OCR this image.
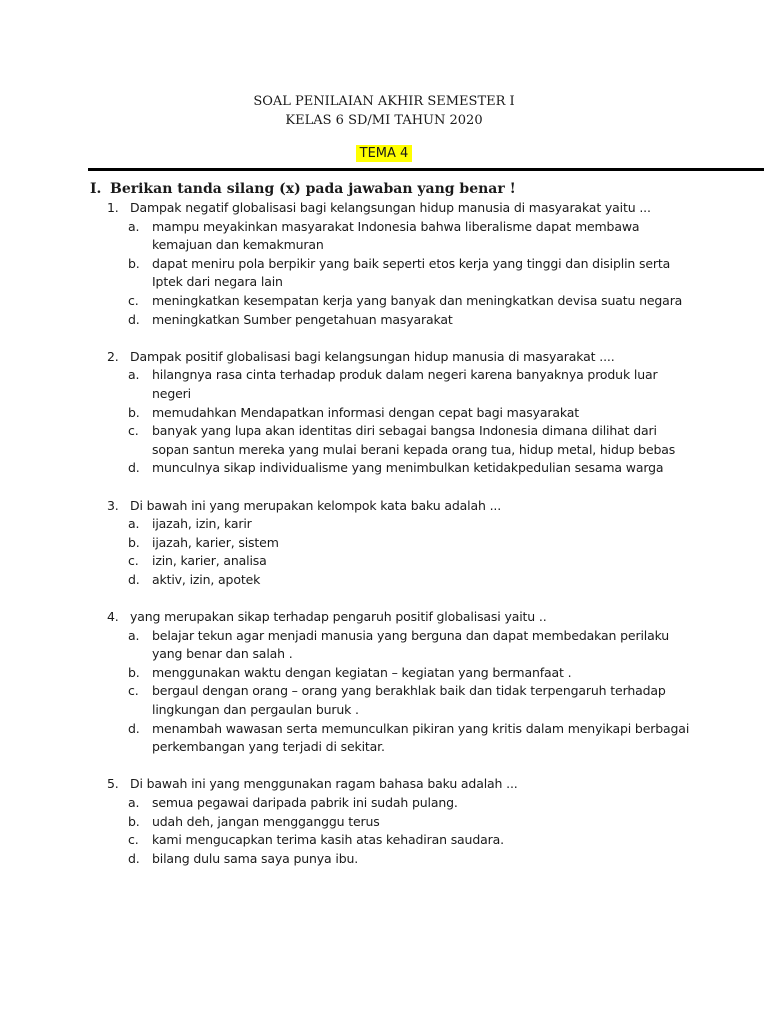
SOAL PENILAIAN AKHIR SEMESTER I
KELAS 6 SD/MI TAHUN 2020
TEMA 4
I. Berikan tanda silang (x) pada jawaban yang benar !
1. Dampak negatif globalisasi bagi kelangsungan hidup manusia di masyarakat yaitu ...
a.	mampu meyakinkan masyarakat Indonesia bahwa liberalisme dapat membawa kemajuan dan kemakmuran
b. dapat meniru pola berpikir yang baik seperti etos kerja yang tinggi dan disiplin serta Iptek dari negara lain
c.	meningkatkan kesempatan kerja yang banyak dan meningkatkan devisa suatu negara
d. meningkatkan Sumber pengetahuan masyarakat
2. Dampak positif globalisasi bagi kelangsungan hidup manusia di masyarakat ....
a.	hilangnya rasa cinta terhadap produk dalam negeri karena banyaknya produk luar negeri
b. memudahkan Mendapatkan informasi dengan cepat bagi masyarakat
c.	banyak yang lupa akan identitas diri sebagai bangsa Indonesia dimana dilihat dari sopan santun mereka yang mulai berani kepada orang tua, hidup metal, hidup bebas
d. munculnya sikap individualisme yang menimbulkan ketidakpedulian sesama warga
3. Di bawah ini yang merupakan kelompok kata baku adalah ...
a.	ijazah, izin, karir
b. ijazah, karier, sistem
c.	izin, karier, analisa
d. aktiv, izin, apotek
4. yang merupakan sikap terhadap pengaruh positif globalisasi yaitu ..
a.	belajar tekun agar menjadi manusia yang berguna dan dapat membedakan perilaku yang benar dan salah .
b. menggunakan waktu dengan kegiatan – kegiatan yang bermanfaat .
c.	bergaul dengan orang – orang yang berakhlak baik dan tidak terpengaruh terhadap lingkungan dan pergaulan buruk .
d. menambah wawasan serta memunculkan pikiran yang kritis dalam menyikapi berbagai perkembangan yang terjadi di sekitar.
5. Di bawah ini yang menggunakan ragam bahasa baku adalah ...
a.	semua pegawai daripada pabrik ini sudah pulang.
b. udah deh, jangan mengganggu terus
c.	kami mengucapkan terima kasih atas kehadiran saudara.
d. bilang dulu sama saya punya ibu.
